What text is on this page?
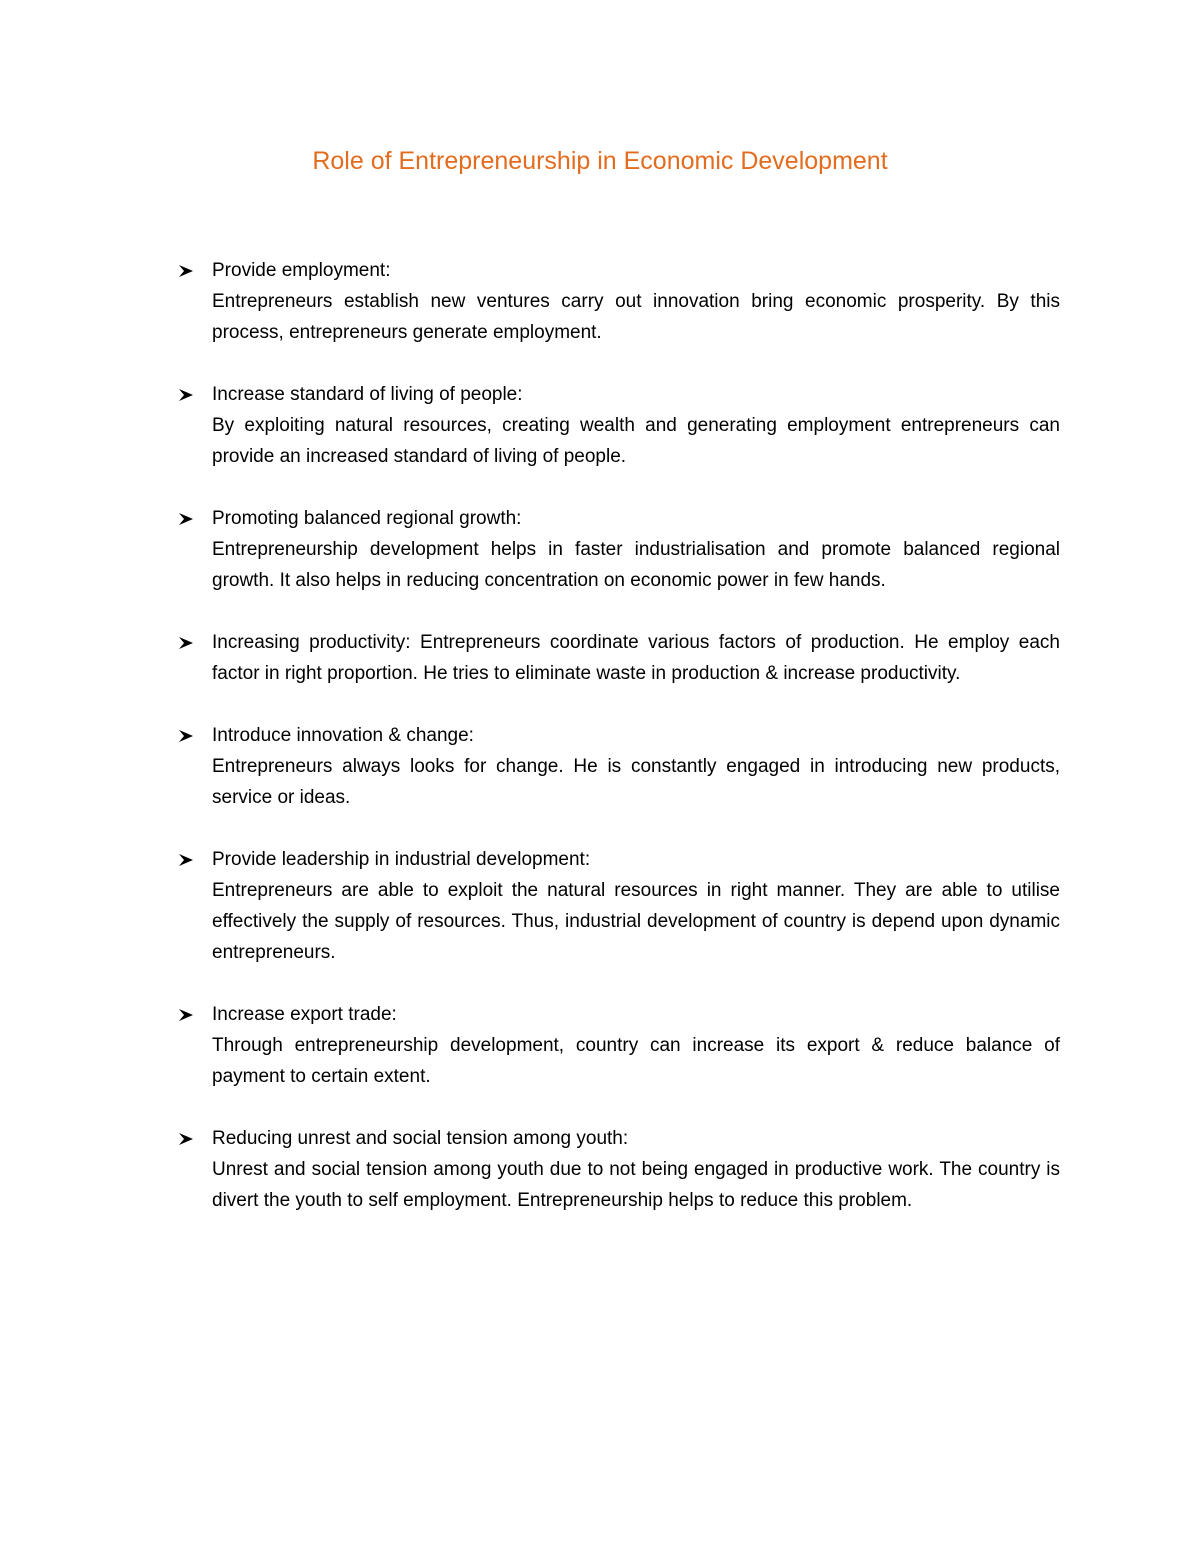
Role of Entrepreneurship in Economic Development
Provide employment:
Entrepreneurs establish new ventures carry out innovation bring economic prosperity. By this process, entrepreneurs generate employment.
Increase standard of living of people:
By exploiting natural resources, creating wealth and generating employment entrepreneurs can provide an increased standard of living of people.
Promoting balanced regional growth:
Entrepreneurship development helps in faster industrialisation and promote balanced regional growth. It also helps in reducing concentration on economic power in few hands.
Increasing productivity: Entrepreneurs coordinate various factors of production. He employ each factor in right proportion. He tries to eliminate waste in production & increase productivity.
Introduce innovation & change:
Entrepreneurs always looks for change. He is constantly engaged in introducing new products, service or ideas.
Provide leadership in industrial development:
Entrepreneurs are able to exploit the natural resources in right manner. They are able to utilise effectively the supply of resources. Thus, industrial development of country is depend upon dynamic entrepreneurs.
Increase export trade:
Through entrepreneurship development, country can increase its export & reduce balance of payment to certain extent.
Reducing unrest and social tension among youth:
Unrest and social tension among youth due to not being engaged in productive work. The country is divert the youth to self employment. Entrepreneurship helps to reduce this problem.
